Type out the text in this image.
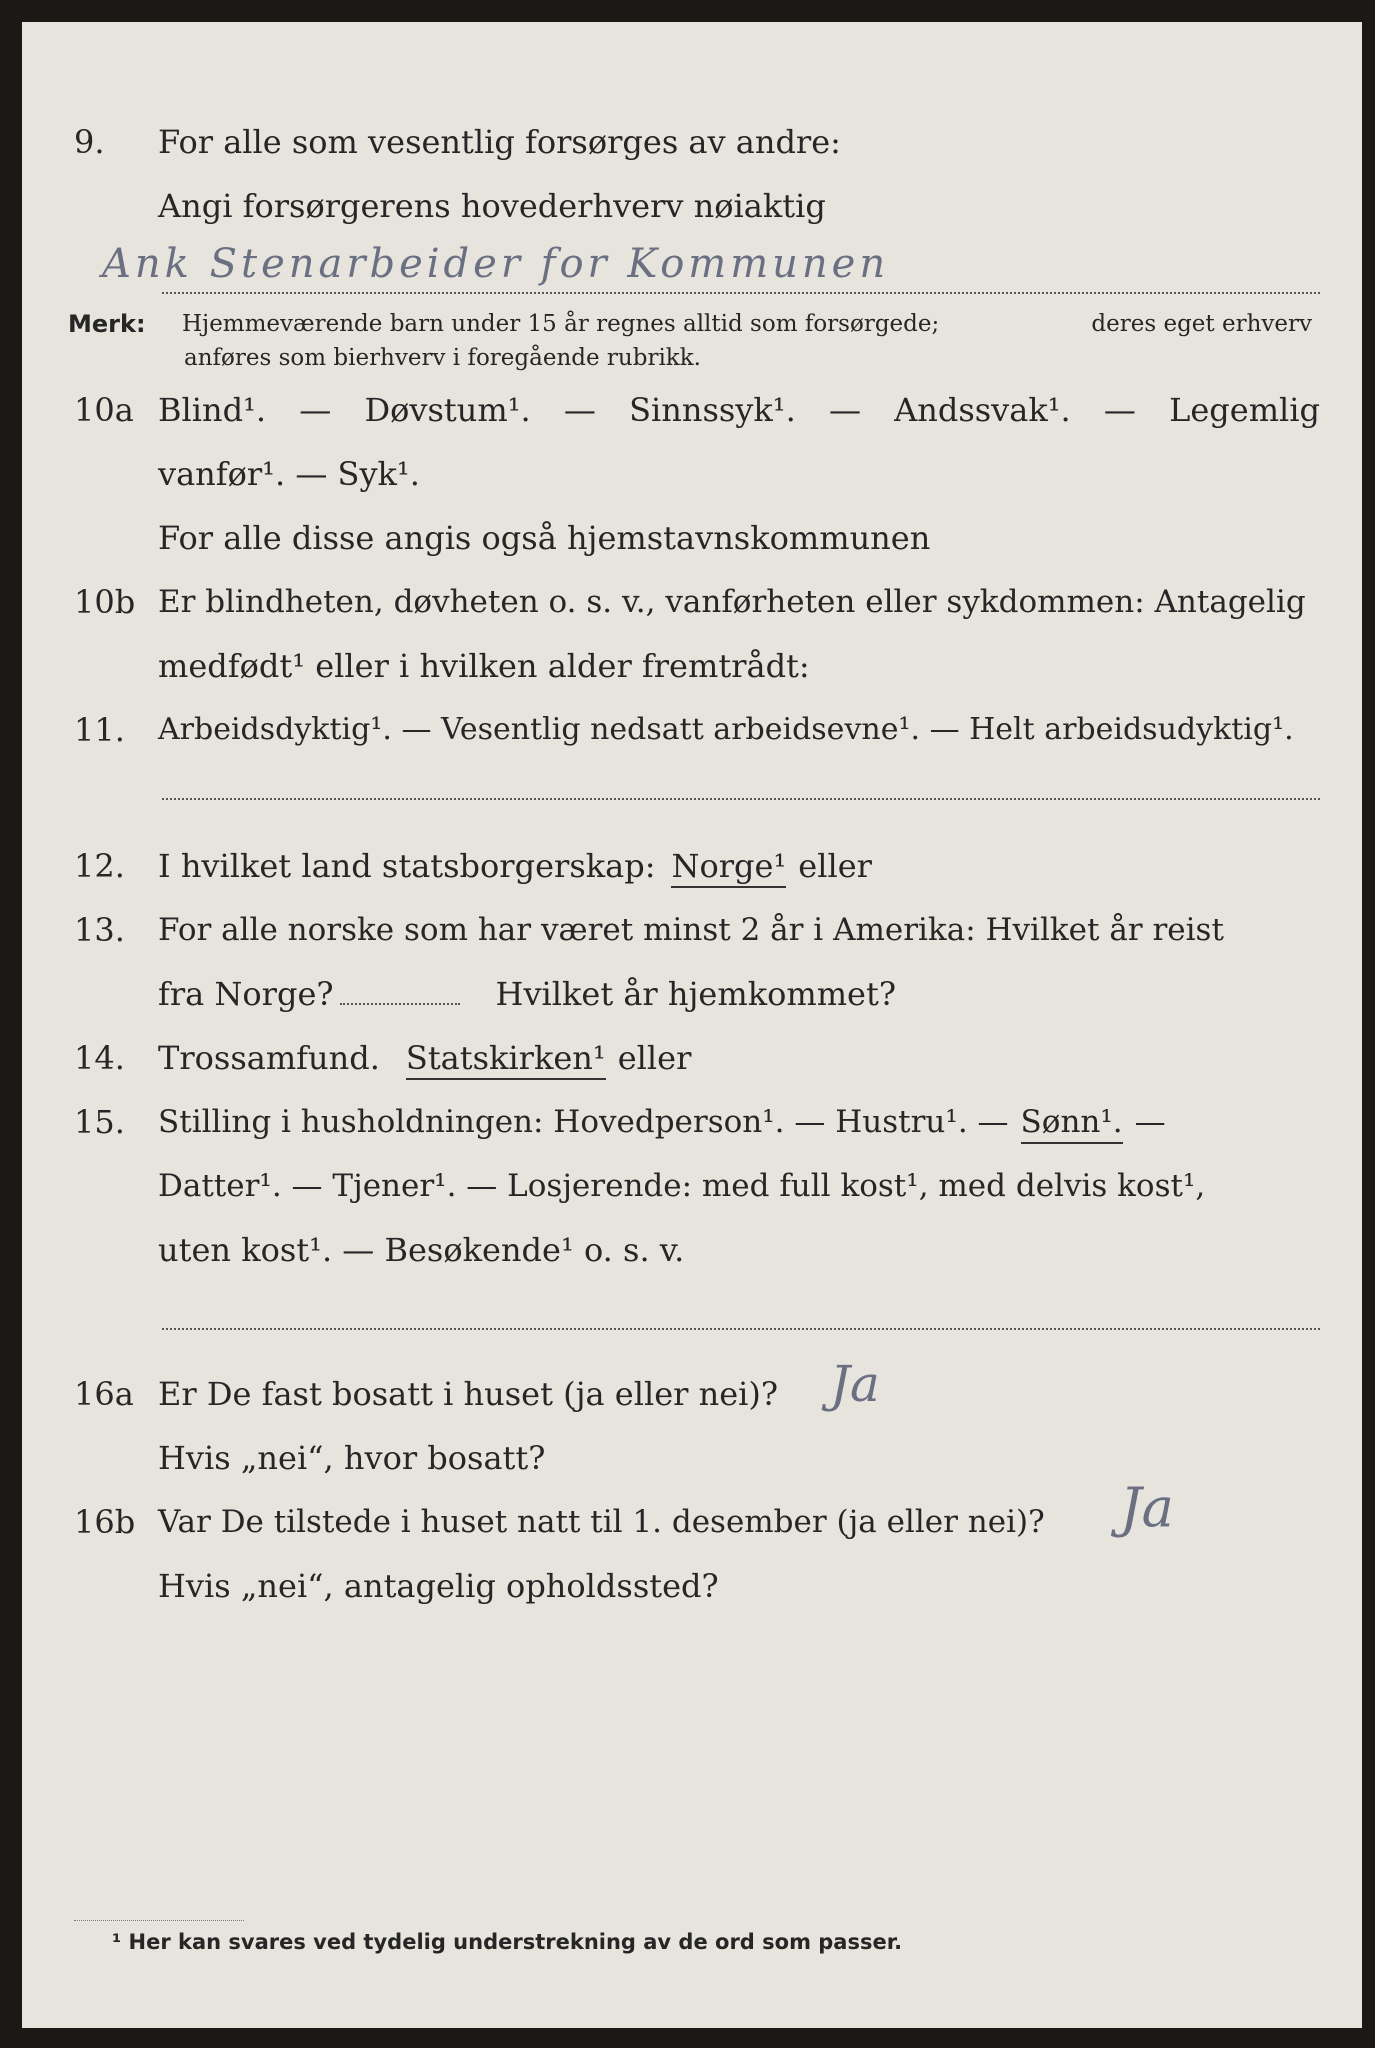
9. For alle som vesentlig forsørges av andre:
Angi forsørgerens hovederhverv nøiaktig
Ank Stenarbeider for Kommunen
Merk: Hjemmeværende barn under 15 år regnes alltid som forsørgede;	deres eget erhverv
anføres som bierhverv i foregående rubrikk.
10a Blind¹. — Døvstum¹. — Sinnssyk¹. — Andssvak¹. — Legemlig
vanfør¹. — Syk¹.
For alle disse angis også hjemstavnskommunen
10b Er blindheten, døvheten o. s. v., vanførheten eller sykdommen: Antagelig
medfødt¹ eller i hvilken alder fremtrådt:
11. Arbeidsdyktig¹. — Vesentlig nedsatt arbeidsevne¹. — Helt arbeidsudyktig¹.
12. I hvilket land statsborgerskap: Norge¹ eller
13. For alle norske som har været minst 2 år i Amerika: Hvilket år reist
fra Norge?	Hvilket år hjemkommet?
14. Trossamfund. Statskirken¹ eller
15. Stilling i husholdningen: Hovedperson¹. — Hustru¹. — Sønn¹. —
Datter¹. — Tjener¹. — Losjerende: med full kost¹, med delvis kost¹,
uten kost¹. — Besøkende¹ o. s. v.
16a Er De fast bosatt i huset (ja eller nei)? Ja
Hvis „nei“, hvor bosatt?
16b Var De tilstede i huset natt til 1. desember (ja eller nei)? Ja
Hvis „nei“, antagelig opholdssted?
¹ Her kan svares ved tydelig understrekning av de ord som passer.
